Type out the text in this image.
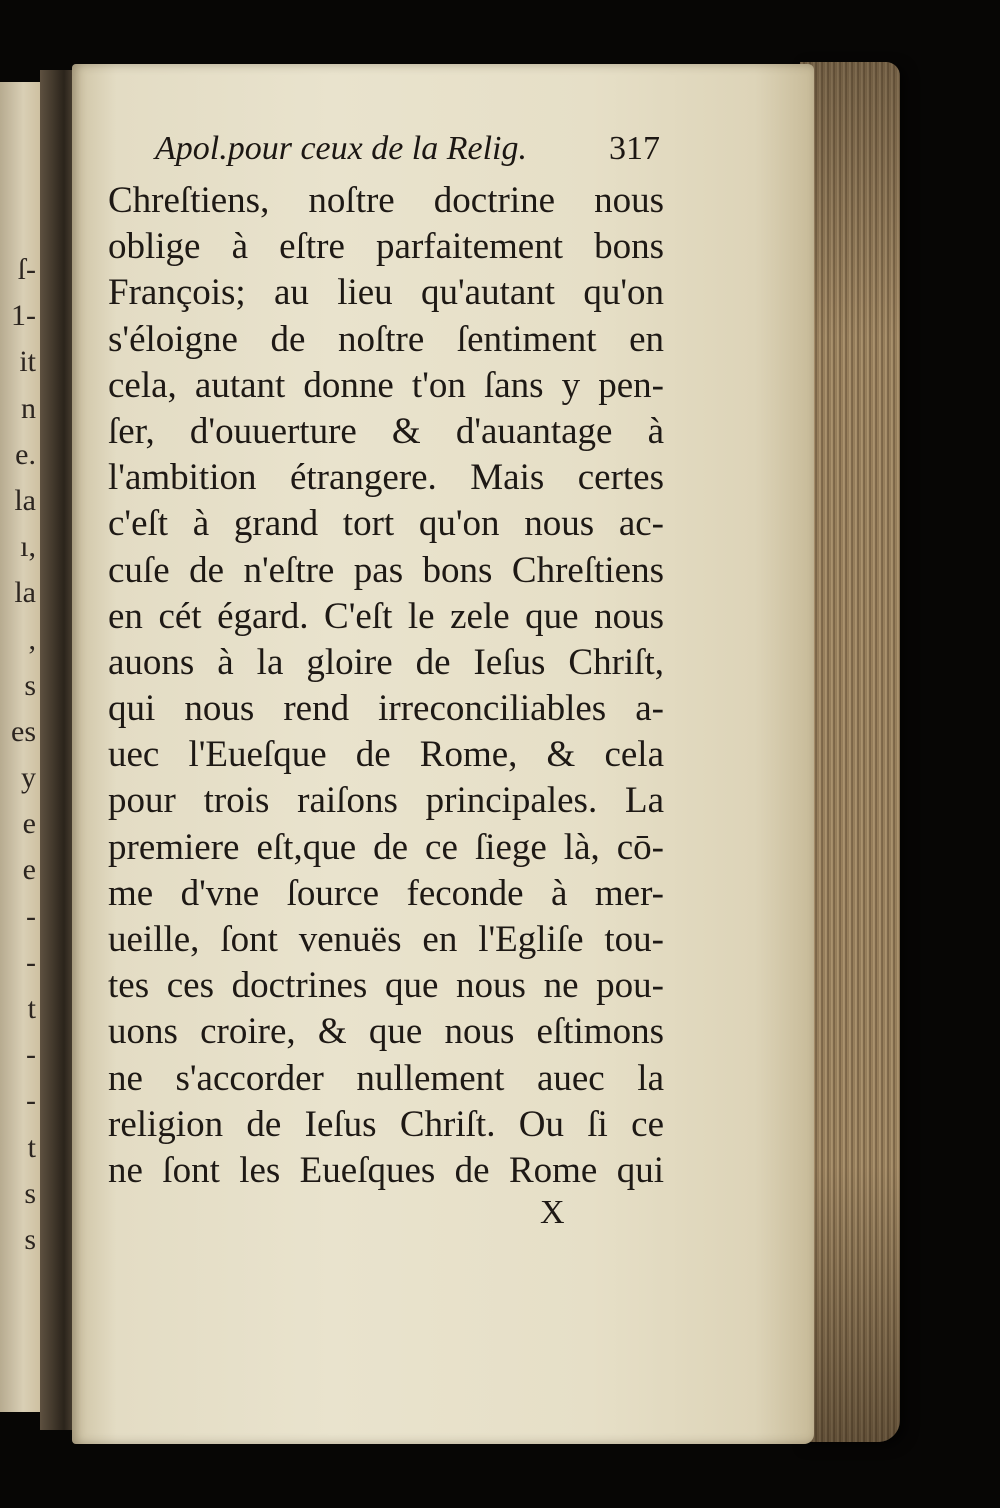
ſ-
1-
it
n
e.
la
ı,
la
,
s
es
y
e
e
-
-
t
-
-
t
s
s
Apol.pour ceux de la Relig. 317
Chreſtiens, noſtre doctrine nous
oblige à eſtre parfaitement bons
François; au lieu qu'autant qu'on
s'éloigne de noſtre ſentiment en
cela, autant donne t'on ſans y pen-
ſer, d'ouuerture & d'auantage à
l'ambition étrangere. Mais certes
c'eſt à grand tort qu'on nous ac-
cuſe de n'eſtre pas bons Chreſtiens
en cét égard. C'eſt le zele que nous
auons à la gloire de Ieſus Chriſt,
qui nous rend irreconciliables a-
uec l'Eueſque de Rome, & cela
pour trois raiſons principales. La
premiere eſt,que de ce ſiege là, cō-
me d'vne ſource feconde à mer-
ueille, ſont venuës en l'Egliſe tou-
tes ces doctrines que nous ne pou-
uons croire, & que nous eſtimons
ne s'accorder nullement auec la
religion de Ieſus Chriſt. Ou ſi ce
ne ſont les Eueſques de Rome qui
X
